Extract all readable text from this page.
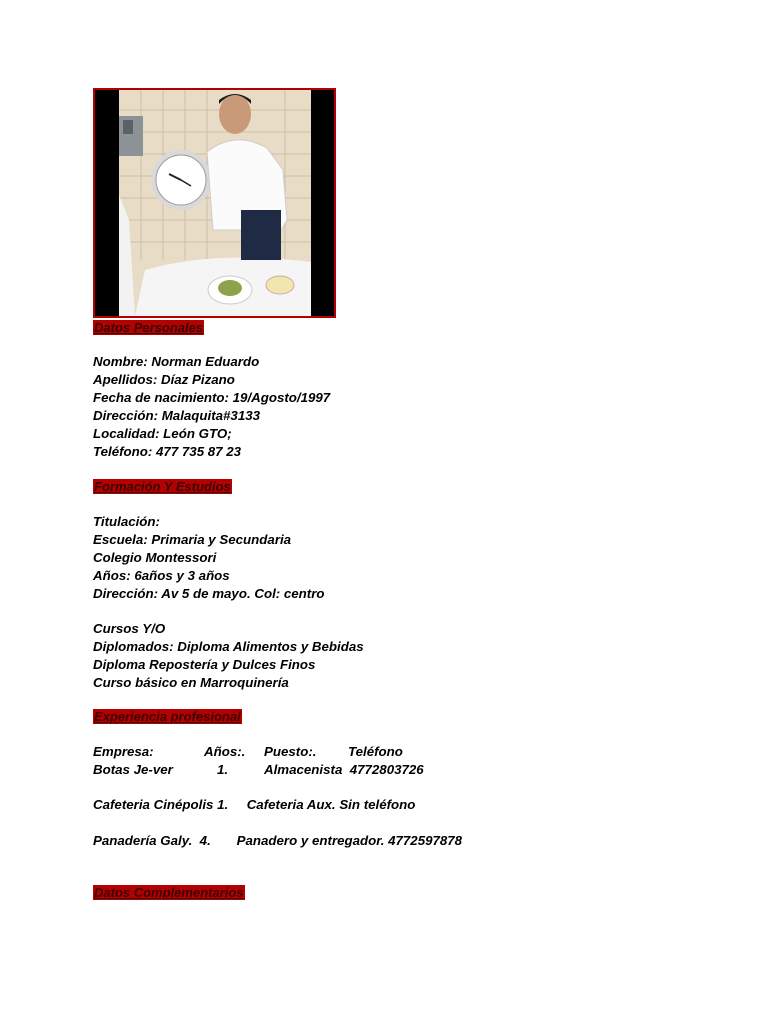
Datos Personales
Nombre: Norman Eduardo
Apellidos: Díaz Pizano
Fecha de nacimiento: 19/Agosto/1997
Dirección: Malaquita#3133
Localidad: León GTO;
Teléfono: 477 735 87 23
Formación Y Estudios
Titulación:
Escuela: Primaria y Secundaria
Colegio Montessori
Años: 6años y 3 años
Dirección: Av 5 de mayo. Col: centro
Cursos Y/O
Diplomados: Diploma Alimentos y Bebidas
Diploma Repostería y Dulces Finos
Curso básico en Marroquinería
Experiencia profesional
Empresa:	Años:. Puesto:. Teléfono
Botas Je-ver	1.	Almacenista  4772803726
Cafeteria Cinépolis 1.     Cafeteria Aux. Sin teléfono
Panadería Galy.  4.       Panadero y entregador. 4772597878
Datos Complementarios
